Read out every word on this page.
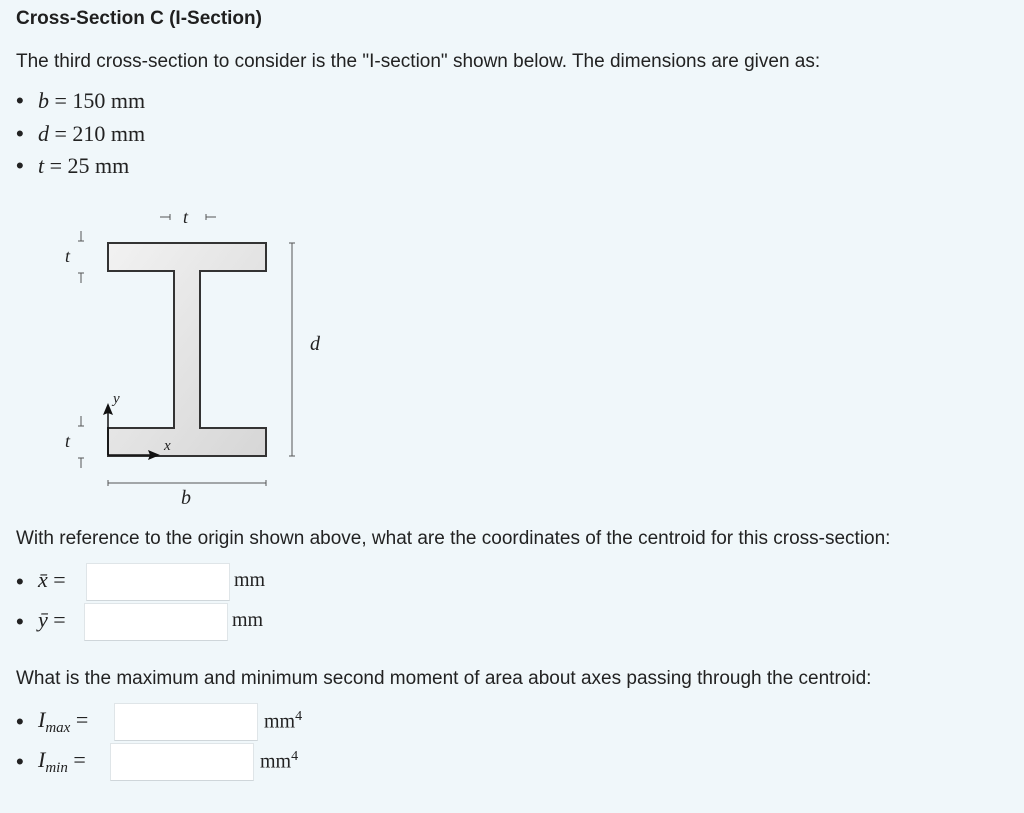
Cross-Section C (I-Section)
The third cross-section to consider is the "I-section" shown below. The dimensions are given as:
• b = 150 mm
• d = 210 mm
• t = 25 mm
t
t
t
d
b
x
y
With reference to the origin shown above, what are the coordinates of the centroid for this cross-section:
• x̄ =	mm
• ȳ =	mm
What is the maximum and minimum second moment of area about axes passing through the centroid:
• $I_{max}$ =	$mm^4$
• $I_{min}$ =	$mm^4$
